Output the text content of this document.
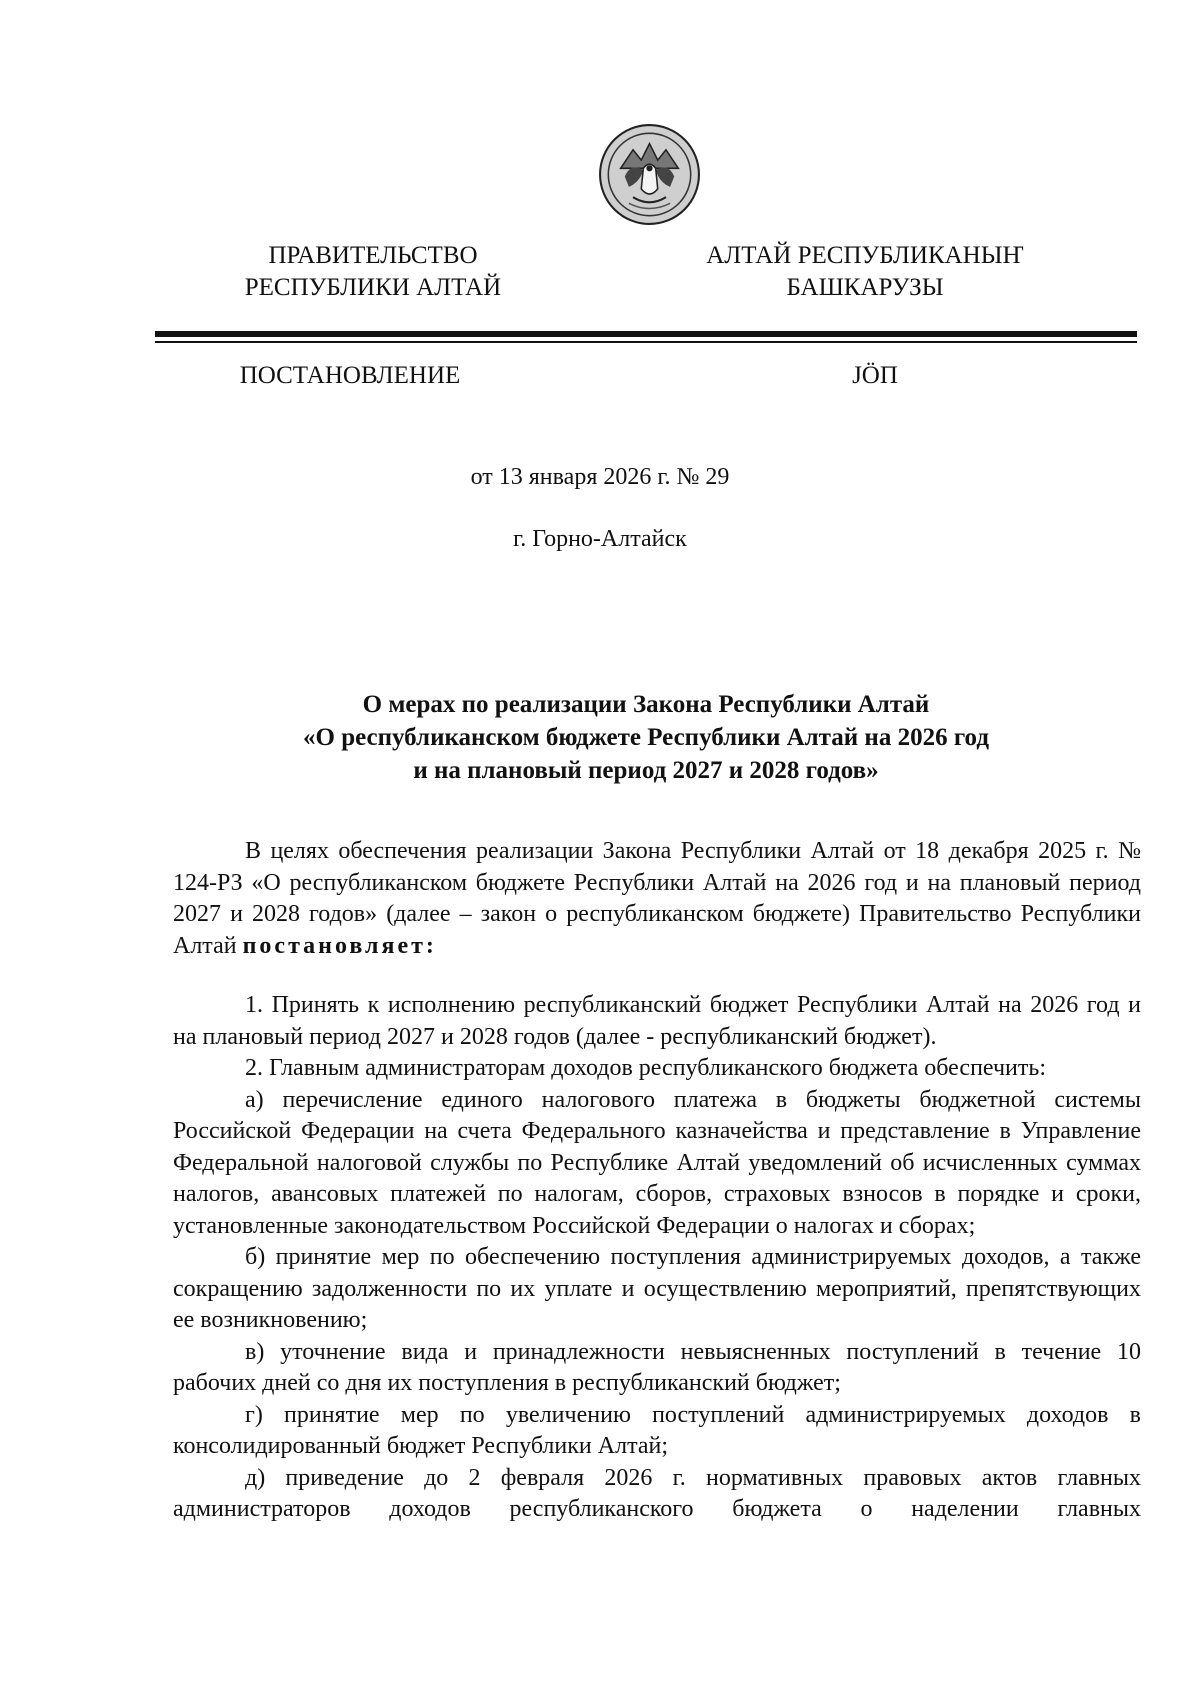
ПРАВИТЕЛЬСТВО
РЕСПУБЛИКИ АЛТАЙ
АЛТАЙ РЕСПУБЛИКАНЫҤ
БАШКАРУЗЫ
ПОСТАНОВЛЕНИЕ	JӦП
от 13 января 2026 г. № 29
г. Горно-Алтайск
О мерах по реализации Закона Республики Алтай
«О республиканском бюджете Республики Алтай на 2026 год
и на плановый период 2027 и 2028 годов»

В целях обеспечения реализации Закона Республики Алтай от 18 декабря 2025 г. № 124-РЗ «О республиканском бюджете Республики Алтай на 2026 год и на плановый период 2027 и 2028 годов» (далее – закон о республиканском бюджете) Правительство Республики Алтай постановляет:

1. Принять к исполнению республиканский бюджет Республики Алтай на 2026 год и на плановый период 2027 и 2028 годов (далее - республиканский бюджет).

2. Главным администраторам доходов республиканского бюджета обеспечить:

а) перечисление единого налогового платежа в бюджеты бюджетной системы Российской Федерации на счета Федерального казначейства и представление в Управление Федеральной налоговой службы по Республике Алтай уведомлений об исчисленных суммах налогов, авансовых платежей по налогам, сборов, страховых взносов в порядке и сроки, установленные законодательством Российской Федерации о налогах и сборах;

б) принятие мер по обеспечению поступления администрируемых доходов, а также сокращению задолженности по их уплате и осуществлению мероприятий, препятствующих ее возникновению;

в) уточнение вида и принадлежности невыясненных поступлений в течение 10 рабочих дней со дня их поступления в республиканский бюджет;

г) принятие мер по увеличению поступлений администрируемых доходов в консолидированный бюджет Республики Алтай;

д) приведение до 2 февраля 2026 г. нормативных правовых актов главных администраторов доходов республиканского бюджета о наделении главных
